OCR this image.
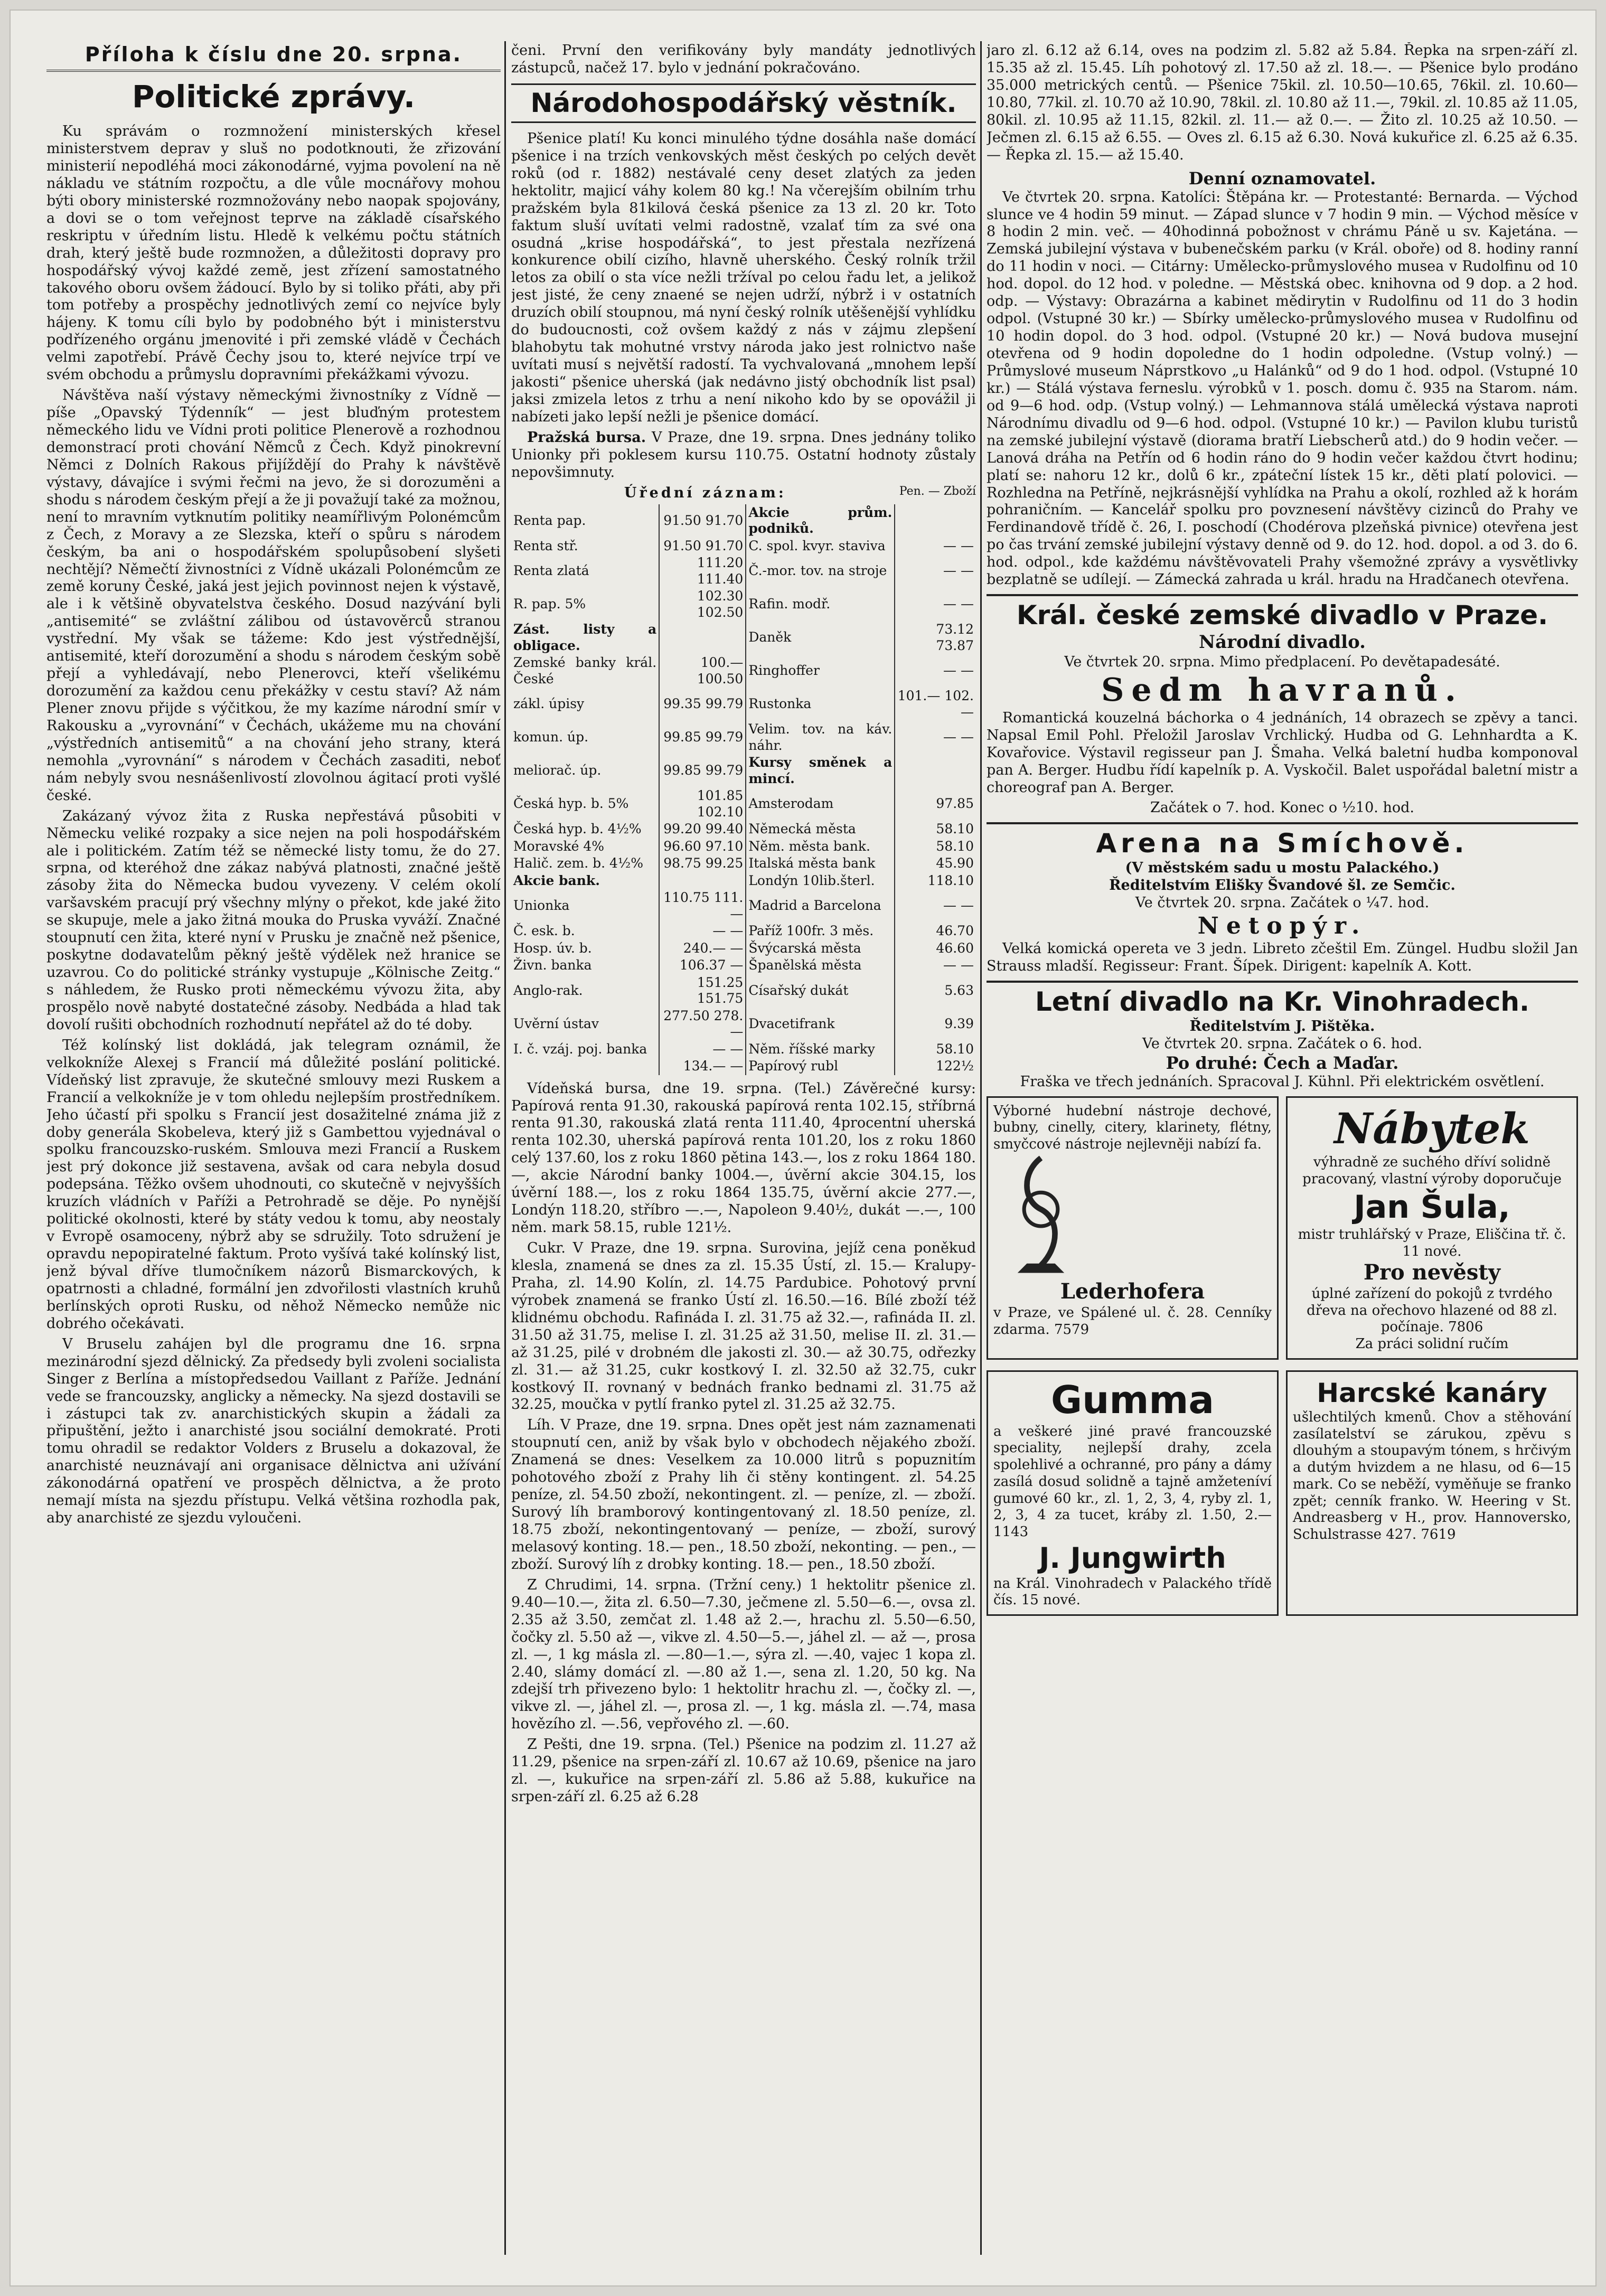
Příloha k číslu dne 20. srpna.
Politické zprávy.

Ku správám o rozmnožení ministerských křesel ministerstvem deprav y sluš no podotknouti, že zřizování ministerií nepodléhá moci zákonodárné, vyjma povolení na ně nákladu ve státním rozpočtu, a dle vůle mocnářovy mohou býti obory ministerské rozmnožovány nebo naopak spojovány, a dovi se o tom veřejnost teprve na základě císařského reskriptu v úředním listu. Hledě k velkému počtu státních drah, který ještě bude rozmnožen, a důležitosti dopravy pro hospodářský vývoj každé země, jest zřízení samostatného takového oboru ovšem žádoucí. Bylo by si toliko přáti, aby při tom potřeby a prospěchy jednotlivých zemí co nejvíce byly hájeny. K tomu cíli bylo by podobného být i ministerstvu podřízeného orgánu jmenovité i při zemské vládě v Čechách velmi zapotřebí. Právě Čechy jsou to, které nejvíce trpí ve svém obchodu a průmyslu dopravními překážkami vývozu.

Návštěva naší výstavy německými živnostníky z Vídně — píše „Opavský Týdenník“ — jest bluďným protestem německého lidu ve Vídni proti politice Plenerově a rozhodnou demonstrací proti chování Němců z Čech. Když pinokrevní Němci z Dolních Rakous přijíždějí do Prahy k návštěvě výstavy, dávajíce i svými řečmi na jevo, že si dorozuměni a shodu s národem českým přejí a že ji považují také za možnou, není to mravním vytknutím politiky neamířlivým Polonémcům z Čech, z Moravy a ze Slezska, kteří o spůru s národem českým, ba ani o hospodářském spolupůsobení slyšeti nechtějí? Němečtí živnostníci z Vídně ukázali Polonémcům ze země koruny České, jaká jest jejich povinnost nejen k výstavě, ale i k většině obyvatelstva českého. Dosud nazývání byli „antisemité“ se zvláštní zálibou od ústavověrců stranou vystřední. My však se tážeme: Kdo jest výstřednější, antisemité, kteří dorozumění a shodu s národem českým sobě přejí a vyhledávají, nebo Plenerovci, kteří všelikému dorozumění za každou cenu překážky v cestu staví? Až nám Plener znovu přijde s výčitkou, že my kazíme národní smír v Rakousku a „vyrovnání“ v Čechách, ukážeme mu na chování „výstředních antisemitů“ a na chování jeho strany, která nemohla „vyrovnání“ s národem v Čechách zasaditi, neboť nám nebyly svou nesnášenlivostí zlovolnou ágitací proti vyšlé české.

Zakázaný vývoz žita z Ruska nepřestává působiti v Německu veliké rozpaky a sice nejen na poli hospodářském ale i politickém. Zatím též se německé listy tomu, že do 27. srpna, od kteréhož dne zákaz nabývá platnosti, značné ještě zásoby žita do Německa budou vyvezeny. V celém okolí varšavském pracují prý všechny mlýny o překot, kde jaké žito se skupuje, mele a jako žitná mouka do Pruska vyváží. Značné stoupnutí cen žita, které nyní v Prusku je značně než pšenice, poskytne dodavatelům pěkný ještě výdělek než hranice se uzavrou. Co do politické stránky vystupuje „Kölnische Zeitg.“ s náhledem, že Rusko proti německému vývozu žita, aby prospělo nově nabyté dostatečné zásoby. Nedbáda a hlad tak dovolí rušiti obchodních rozhodnutí nepřátel až do té doby.

Též kolínský list dokládá, jak telegram oznámil, že velkokníže Alexej s Francií má důležité poslání politické. Vídeňský list zpravuje, že skutečné smlouvy mezi Ruskem a Francií a velkokníže je v tom ohledu nejlepším prostředníkem. Jeho účastí při spolku s Francií jest dosažitelné známa již z doby generála Skobeleva, který již s Gambettou vyjednával o spolku francouzsko-ruském. Smlouva mezi Francií a Ruskem jest prý dokonce již sestavena, avšak od cara nebyla dosud podepsána. Těžko ovšem uhodnouti, co skutečně v nejvyšších kruzích vládních v Paříži a Petrohradě se děje. Po nynější politické okolnosti, které by státy vedou k tomu, aby neostaly v Evropě osamoceny, nýbrž aby se sdružily. Toto sdružení je opravdu nepopiratelné faktum. Proto vyšívá také kolínský list, jenž býval dříve tlumočníkem názorů Bismarckových, k opatrnosti a chladné, formální jen zdvořilosti vlastních kruhů berlínských oproti Rusku, od něhož Německo nemůže nic dobrého očekávati.

V Bruselu zahájen byl dle programu dne 16. srpna mezinárodní sjezd dělnický. Za předsedy byli zvoleni socialista Singer z Berlína a místopředsedou Vaillant z Paříže. Jednání vede se francouzsky, anglicky a německy. Na sjezd dostavili se i zástupci tak zv. anarchistických skupin a žádali za připuštění, ježto i anarchisté jsou sociální demokraté. Proti tomu ohradil se redaktor Volders z Bruselu a dokazoval, že anarchisté neuznávají ani organisace dělnictva ani užívání zákonodárná opatření ve prospěch dělnictva, a že proto nemají místa na sjezdu přístupu. Velká většina rozhodla pak, aby anarchisté ze sjezdu vyloučeni.

čeni. První den verifikovány byly mandáty jednotlivých zástupců, načež 17. bylo v jednání pokračováno.

Národohospodářský věstník.

Pšenice platí! Ku konci minulého týdne dosáhla naše domácí pšenice i na trzích venkovských měst českých po celých devět roků (od r. 1882) nestávalé ceny deset zlatých za jeden hektolitr, majicí váhy kolem 80 kg.! Na včerejším obilním trhu pražském byla 81kilová česká pšenice za 13 zl. 20 kr. Toto faktum sluší uvítati velmi radostně, vzalať tím za své ona osudná „krise hospodářská“, to jest přestala nezřízená konkurence obilí cizího, hlavně uherského. Český rolník tržil letos za obilí o sta více nežli tržíval po celou řadu let, a jelikož jest jisté, že ceny znaené se nejen udrží, nýbrž i v ostatních druzích obilí stoupnou, má nyní český rolník utěšenější vyhlídku do budoucnosti, což ovšem každý z nás v zájmu zlepšení blahobytu tak mohutné vrstvy národa jako jest rolnictvo naše uvítati musí s největší radostí. Ta vychvalovaná „mnohem lepší jakosti“ pšenice uherská (jak nedávno jistý obchodník list psal) jaksi zmizela letos z trhu a není nikoho kdo by se opovážil ji nabízeti jako lepší nežli je pšenice domácí.

Pražská bursa. V Praze, dne 19. srpna. Dnes jednány toliko Unionky při poklesem kursu 110.75. Ostatní hodnoty zůstaly nepovšimnuty.

Úřední záznam:	Pen. — Zboží
Renta pap.	91.50 91.70	Akcie prům. podniků.	
Renta stř.	91.50 91.70	C. spol. kvyr. staviva	— —
Renta zlatá	111.20 111.40	Č.-mor. tov. na stroje	— —
R. pap. 5%	102.30 102.50	Rafin. modř.	— —
Zást. listy a obligace.		Daněk	73.12 73.87
Zemské banky král. České	100.— 100.50	Ringhoffer	— —
zákl. úpisy	99.35 99.79	Rustonka	101.— 102.—
komun. úp.	99.85 99.79	Velim. tov. na káv. náhr.	— —
meliorač. úp.	99.85 99.79	Kursy směnek a mincí.	
Česká hyp. b. 5%	101.85 102.10	Amsterodam	97.85
Česká hyp. b. 4½%	99.20 99.40	Německá města	58.10
Moravské 4%	96.60 97.10	Něm. města bank.	58.10
Halič. zem. b. 4½%	98.75 99.25	Italská města bank	45.90
Akcie bank.		Londýn 10lib.šterl.	118.10
Unionka	110.75 111.—	Madrid a Barcelona	— —
Č. esk. b.	— —	Paříž 100fr. 3 měs.	46.70
Hosp. úv. b.	240.— —	Švýcarská města	46.60
Živn. banka	106.37 —	Španělská města	— —
Anglo-rak.	151.25 151.75	Císařský dukát	5.63
Uvěrní ústav	277.50 278.—	Dvacetifrank	9.39
I. č. vzáj. poj. banka	— —	Něm. říšské marky	58.10
	134.— —	Papírový rubl	122½

Vídeňská bursa, dne 19. srpna. (Tel.) Závěrečné kursy: Papírová renta 91.30, rakouská papírová renta 102.15, stříbrná renta 91.30, rakouská zlatá renta 111.40, 4procentní uherská renta 102.30, uherská papírová renta 101.20, los z roku 1860 celý 137.60, los z roku 1860 pětina 143.—, los z roku 1864 180.—, akcie Národní banky 1004.—, úvěrní akcie 304.15, los úvěrní 188.—, los z roku 1864 135.75, úvěrní akcie 277.—, Londýn 118.20, stříbro —.—, Napoleon 9.40½, dukát —.—, 100 něm. mark 58.15, ruble 121½.

Cukr. V Praze, dne 19. srpna. Surovina, jejíž cena poněkud klesla, znamená se dnes za zl. 15.35 Ústí, zl. 15.— Kralupy-Praha, zl. 14.90 Kolín, zl. 14.75 Pardubice. Pohotový první výrobek znamená se franko Ústí zl. 16.50.—16. Bílé zboží též klidnému obchodu. Rafináda I. zl. 31.75 až 32.—, rafináda II. zl. 31.50 až 31.75, melise I. zl. 31.25 až 31.50, melise II. zl. 31.— až 31.25, pilé v drobném dle jakosti zl. 30.— až 30.75, odřezky zl. 31.— až 31.25, cukr kostkový I. zl. 32.50 až 32.75, cukr kostkový II. rovnaný v bednách franko bednami zl. 31.75 až 32.25, moučka v pytlí franko pytel zl. 31.25 až 32.75.

Líh. V Praze, dne 19. srpna. Dnes opět jest nám zaznamenati stoupnutí cen, aniž by však bylo v obchodech nějakého zboží. Znamená se dnes: Veselkem za 10.000 litrů s popuznitím pohotového zboží z Prahy lih či stěny kontingent. zl. 54.25 peníze, zl. 54.50 zboží, nekontingent. zl. — peníze, zl. — zboží. Surový líh bramborový kontingentovaný zl. 18.50 peníze, zl. 18.75 zboží, nekontingentovaný — peníze, — zboží, surový melasový konting. 18.— pen., 18.50 zboží, nekonting. — pen., — zboží. Surový líh z drobky konting. 18.— pen., 18.50 zboží.

Z Chrudimi, 14. srpna. (Tržní ceny.) 1 hektolitr pšenice zl. 9.40—10.—, žita zl. 6.50—7.30, ječmene zl. 5.50—6.—, ovsa zl. 2.35 až 3.50, zemčat zl. 1.48 až 2.—, hrachu zl. 5.50—6.50, čočky zl. 5.50 až —, vikve zl. 4.50—5.—, jáhel zl. — až —, prosa zl. —, 1 kg másla zl. —.80—1.—, sýra zl. —.40, vajec 1 kopa zl. 2.40, slámy domácí zl. —.80 až 1.—, sena zl. 1.20, 50 kg. Na zdejší trh přivezeno bylo: 1 hektolitr hrachu zl. —, čočky zl. —, vikve zl. —, jáhel zl. —, prosa zl. —, 1 kg. másla zl. —.74, masa hovězího zl. —.56, vepřového zl. —.60.

Z Pešti, dne 19. srpna. (Tel.) Pšenice na podzim zl. 11.27 až 11.29, pšenice na srpen-září zl. 10.67 až 10.69, pšenice na jaro zl. —, kukuřice na srpen-září zl. 5.86 až 5.88, kukuřice na srpen-září zl. 6.25 až 6.28

jaro zl. 6.12 až 6.14, oves na podzim zl. 5.82 až 5.84. Řepka na srpen-září zl. 15.35 až zl. 15.45. Líh pohotový zl. 17.50 až zl. 18.—. — Pšenice bylo prodáno 35.000 metrických centů. — Pšenice 75kil. zl. 10.50—10.65, 76kil. zl. 10.60—10.80, 77kil. zl. 10.70 až 10.90, 78kil. zl. 10.80 až 11.—, 79kil. zl. 10.85 až 11.05, 80kil. zl. 10.95 až 11.15, 82kil. zl. 11.— až 0.—. — Žito zl. 10.25 až 10.50. — Ječmen zl. 6.15 až 6.55. — Oves zl. 6.15 až 6.30. Nová kukuřice zl. 6.25 až 6.35. — Řepka zl. 15.— až 15.40.

Denní oznamovatel.

Ve čtvrtek 20. srpna. Katolíci: Štěpána kr. — Protestanté: Bernarda. — Východ slunce ve 4 hodin 59 minut. — Západ slunce v 7 hodin 9 min. — Východ měsíce v 8 hodin 2 min. več. — 40hodinná pobožnost v chrámu Páně u sv. Kajetána. — Zemská jubilejní výstava v bubenečském parku (v Král. oboře) od 8. hodiny ranní do 11 hodin v noci. — Citárny: Umělecko-průmyslového musea v Rudolfinu od 10 hod. dopol. do 12 hod. v poledne. — Městská obec. knihovna od 9 dop. a 2 hod. odp. — Výstavy: Obrazárna a kabinet mědirytin v Rudolfinu od 11 do 3 hodin odpol. (Vstupné 30 kr.) — Sbírky umělecko-průmyslového musea v Rudolfinu od 10 hodin dopol. do 3 hod. odpol. (Vstupné 20 kr.) — Nová budova musejní otevřena od 9 hodin dopoledne do 1 hodin odpoledne. (Vstup volný.) — Průmyslové museum Náprstkovo „u Halánků“ od 9 do 1 hod. odpol. (Vstupné 10 kr.) — Stálá výstava ferneslu. výrobků v 1. posch. domu č. 935 na Starom. nám. od 9—6 hod. odp. (Vstup volný.) — Lehmannova stálá umělecká výstava naproti Národnímu divadlu od 9—6 hod. odpol. (Vstupné 10 kr.) — Pavilon klubu turistů na zemské jubilejní výstavě (diorama bratří Liebscherů atd.) do 9 hodin večer. — Lanová dráha na Petřín od 6 hodin ráno do 9 hodin večer každou čtvrt hodinu; platí se: nahoru 12 kr., dolů 6 kr., zpáteční lístek 15 kr., děti platí polovici. — Rozhledna na Petříně, nejkrásnější vyhlídka na Prahu a okolí, rozhled až k horám pohraničním. — Kancelář spolku pro povznesení návštěvy cizinců do Prahy ve Ferdinandově třídě č. 26, I. poschodí (Chodérova plzeňská pivnice) otevřena jest po čas trvání zemské jubilejní výstavy denně od 9. do 12. hod. dopol. a od 3. do 6. hod. odpol., kde každému návštěvovateli Prahy všemožné zprávy a vysvětlivky bezplatně se udílejí. — Zámecká zahrada u král. hradu na Hradčanech otevřena.

Král. české zemské divadlo v Praze.
Národní divadlo.
Ve čtvrtek 20. srpna. Mimo předplacení. Po devětapadesáté.
Sedm havranů.

Romantická kouzelná báchorka o 4 jednáních, 14 obrazech se zpěvy a tanci. Napsal Emil Pohl. Přeložil Jaroslav Vrchlický. Hudba od G. Lehnhardta a K. Kovařovice. Výstavil regisseur pan J. Šmaha. Velká baletní hudba komponoval pan A. Berger. Hudbu řídí kapelník p. A. Vyskočil. Balet uspořádal baletní mistr a choreograf pan A. Berger.

Začátek o 7. hod. Konec o ½10. hod.
Arena na Smíchově.
(V městském sadu u mostu Palackého.)
Ředitelstvím Elišky Švandové šl. ze Semčic.
Ve čtvrtek 20. srpna. Začátek o ¼7. hod.
Netopýr.

Velká komická opereta ve 3 jedn. Libreto zčeštil Em. Züngel. Hudbu složil Jan Strauss mladší. Regisseur: Frant. Šípek. Dirigent: kapelník A. Kott.

Letní divadlo na Kr. Vinohradech.
Ředitelstvím J. Pištěka.
Ve čtvrtek 20. srpna. Začátek o 6. hod.
Po druhé: Čech a Maďar.
Fraška ve třech jednáních. Spracoval J. Kühnl. Při elektrickém osvětlení.
Výborné hudební nástroje dechové, bubny, cinelly, citery, klarinety, flétny, smyčcové nástroje nejlevněji nabízí fa.
Lederhofera
v Praze, ve Spálené ul. č. 28. Cenníky zdarma. 7579
Nábytek
výhradně ze suchého dříví solidně pracovaný, vlastní výroby doporučuje
Jan Šula,
mistr truhlářský v Praze, Eliščina tř. č. 11 nové.
Pro nevěsty
úplné zařízení do pokojů z tvrdého dřeva na ořechovo hlazené od 88 zl. počínaje. 7806
Za práci solidní ručím
Gumma
a veškeré jiné pravé francouzské speciality, nejlepší drahy, zcela spolehlivé a ochranné, pro pány a dámy zasílá dosud solidně a tajně amžeteníví gumové 60 kr., zl. 1, 2, 3, 4, ryby zl. 1, 2, 3, 4 za tucet, kráby zl. 1.50, 2.— 1143
J. Jungwirth
na Král. Vinohradech v Palackého třídě čís. 15 nové.
Harcské kanáry
ušlechtilých kmenů. Chov a stěhování zasílatelství se zárukou, zpěvu s dlouhým a stoupavým tónem, s hrčivým a dutým hvizdem a ne hlasu, od 6—15 mark. Co se neběží, vyměňuje se franko zpět; cenník franko. W. Heering v St. Andreasberg v H., prov. Hannoversko, Schulstrasse 427. 7619
